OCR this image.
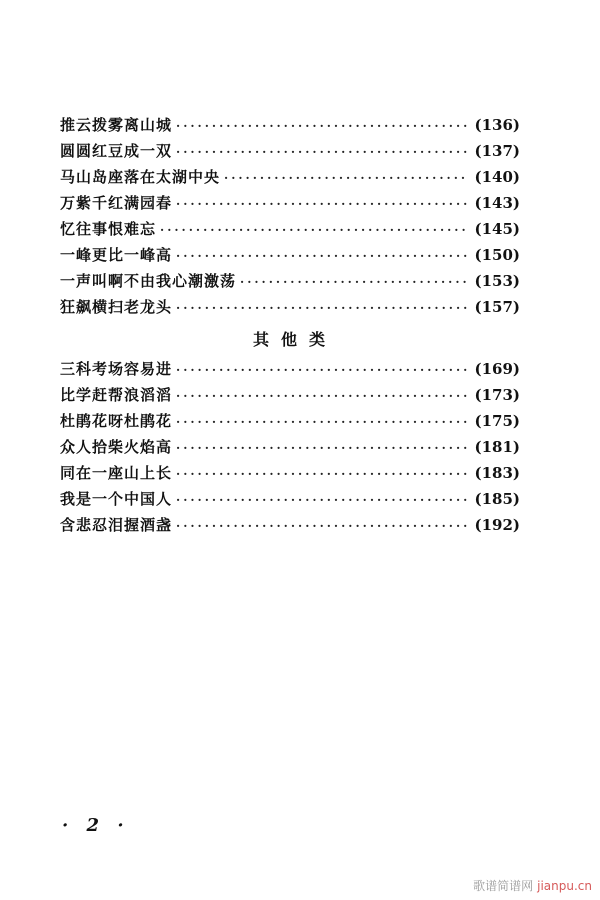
推云拨雾离山城 ·····	(136)
圆圆红豆成一双 ·····	(137)
马山岛座落在太湖中央 ·····	(140)
万紫千红满园春 ·····	(143)
忆往事恨难忘 ·····	(145)
一峰更比一峰高 ·····	(150)
一声叫啊不由我心潮激荡 ·····	(153)
狂飙横扫老龙头 ·····	(157)
其他类
三科考场容易进 ·····	(169)
比学赶帮浪滔滔 ·····	(173)
杜鹃花呀杜鹃花 ·····	(175)
众人拾柴火焰高 ·····	(181)
同在一座山上长 ·····	(183)
我是一个中国人 ·····	(185)
含悲忍泪握酒盏 ·····	(192)
· 2 ·
歌谱简谱网 jianpu.cn
